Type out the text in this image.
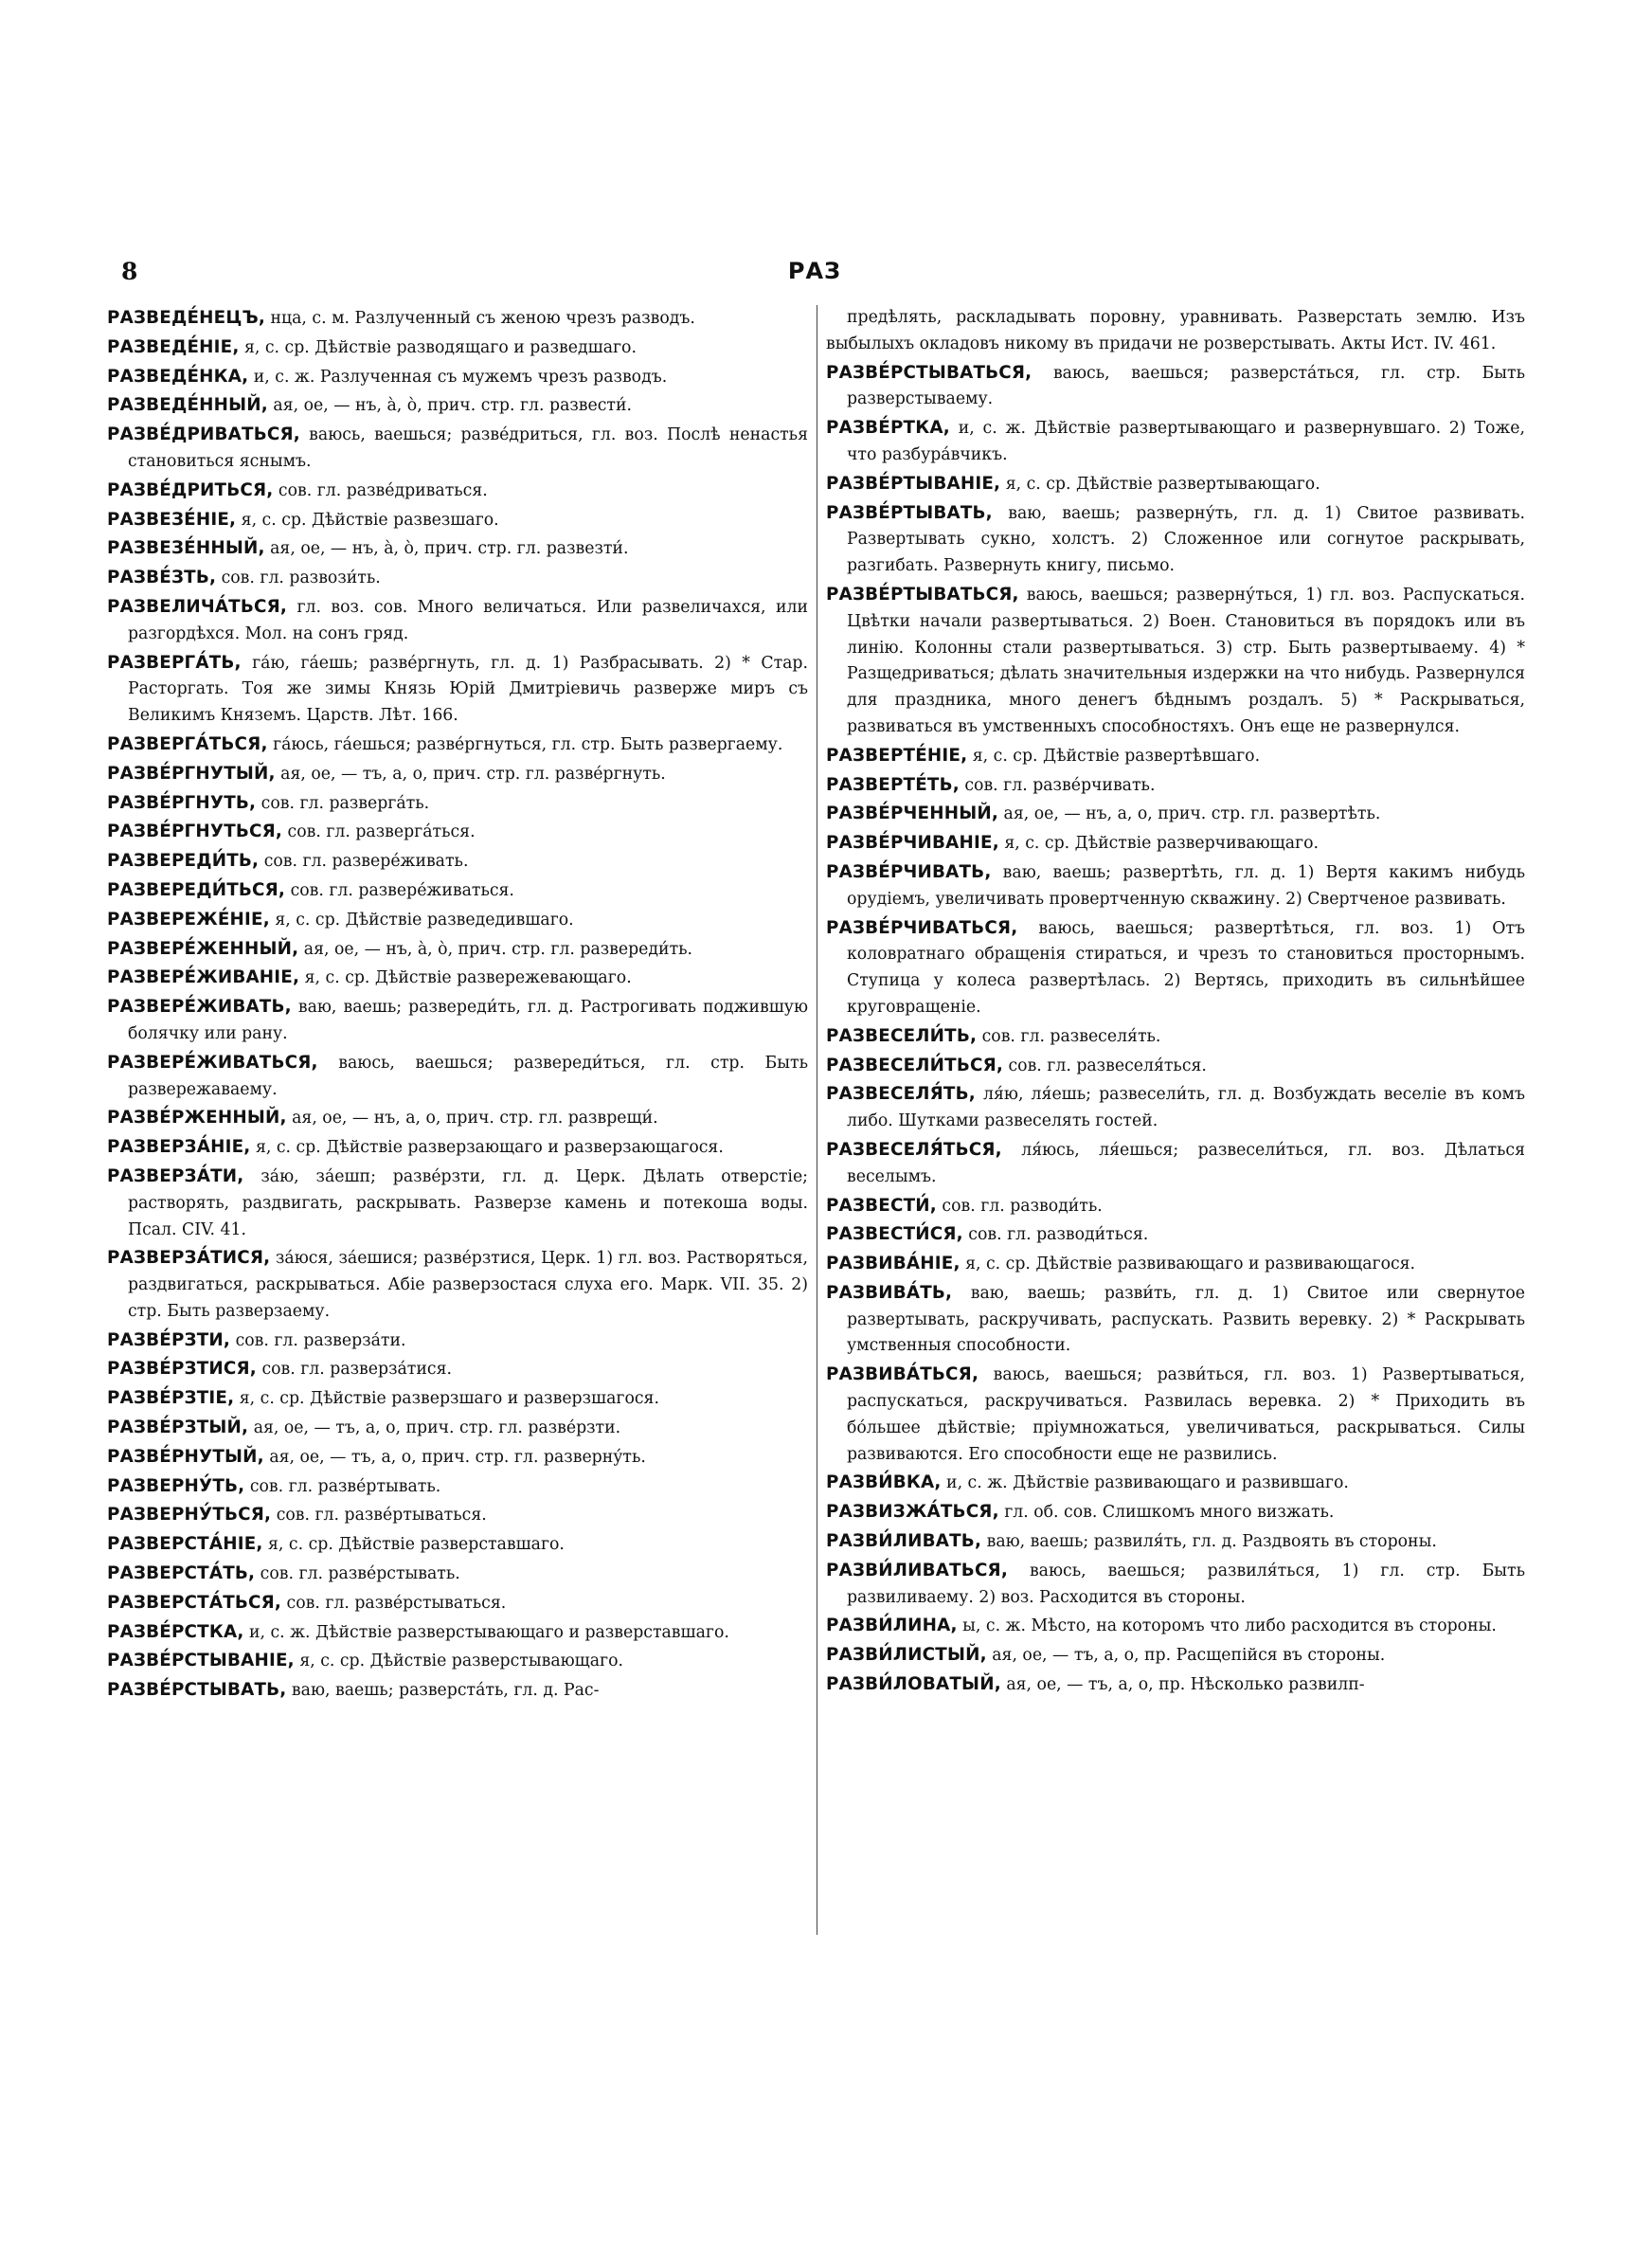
8	РАЗ

РАЗВЕДЕ́НЕЦЪ, нца, с. м. Разлученный съ женою чрезъ разводъ.

РАЗВЕДЕ́НІЕ, я, с. ср. Дѣйствіе разводящаго и разведшаго.

РАЗВЕДЕ́НКА, и, с. ж. Разлученная съ мужемъ чрезъ разводъ.

РАЗВЕДЕ́ННЫЙ, ая, ое, — нъ, а̀, о̀, прич. стр. гл. развести́.

РАЗВЕ́ДРИВАТЬСЯ, ваюсь, ваешься; разве́дриться, гл. воз. Послѣ ненастья становиться яснымъ.

РАЗВЕ́ДРИТЬСЯ, сов. гл. разве́дриваться.

РАЗВЕЗЕ́НІЕ, я, с. ср. Дѣйствіе развезшаго.

РАЗВЕЗЕ́ННЫЙ, ая, ое, — нъ, а̀, о̀, прич. стр. гл. развезти́.

РАЗВЕ́ЗТЬ, сов. гл. развози́ть.

РАЗВЕЛИЧА́ТЬСЯ, гл. воз. сов. Много величаться. Или развеличахся, или разгордѣхся. Мол. на сонъ гряд.

РАЗВЕРГА́ТЬ, га́ю, га́ешь; разве́ргнуть, гл. д. 1) Разбрасывать. 2) * Стар. Расторгать. Тоя же зимы Князь Юрій Дмитріевичь разверже миръ съ Великимъ Княземъ. Царств. Лѣт. 166.

РАЗВЕРГА́ТЬСЯ, га́юсь, га́ешься; разве́ргнуться, гл. стр. Быть развергаему.

РАЗВЕ́РГНУТЫЙ, ая, ое, — тъ, а, о, прич. стр. гл. разве́ргнуть.

РАЗВЕ́РГНУТЬ, сов. гл. разверга́ть.

РАЗВЕ́РГНУТЬСЯ, сов. гл. разверга́ться.

РАЗВЕРЕДИ́ТЬ, сов. гл. развере́живать.

РАЗВЕРЕДИ́ТЬСЯ, сов. гл. развере́живаться.

РАЗВЕРЕЖЕ́НІЕ, я, с. ср. Дѣйствіе разведедившаго.

РАЗВЕРЕ́ЖЕННЫЙ, ая, ое, — нъ, а̀, о̀, прич. стр. гл. разверeди́ть.

РАЗВЕРЕ́ЖИВАНІЕ, я, с. ср. Дѣйствіе развережевающаго.

РАЗВЕРЕ́ЖИВАТЬ, ваю, ваешь; развереди́ть, гл. д. Растрогивать поджившую болячку или рану.

РАЗВЕРЕ́ЖИВАТЬСЯ, ваюсь, ваешься; развереди́ться, гл. стр. Быть развережаваему.

РАЗВЕ́РЖЕННЫЙ, ая, ое, — нъ, а, о, прич. стр. гл. разврещи́.

РАЗВЕРЗА́НІЕ, я, с. ср. Дѣйствіе разверзающаго и разверзающагося.

РАЗВЕРЗА́ТИ, за́ю, за́ешп; развéрзти, гл. д. Церк. Дѣлать отверстіе; растворять, раздвигать, раскрывать. Разверзе камень и потекоша воды. Псал. CIV. 41.

РАЗВЕРЗА́ТИСЯ, за́юся, за́ешися; развéрзтися, Церк. 1) гл. воз. Растворяться, раздвигаться, раскрываться. Абіе разверзостася слуха его. Марк. VII. 35. 2) стр. Быть разверзаему.

РАЗВЕ́РЗТИ, сов. гл. разверза́ти.

РАЗВЕ́РЗТИСЯ, сов. гл. разверза́тися.

РАЗВЕ́РЗТІЕ, я, с. ср. Дѣйствіе разверзшаго и разверзшагося.

РАЗВЕ́РЗТЫЙ, ая, ое, — тъ, а, о, прич. стр. гл. разве́рзти.

РАЗВЕ́РНУТЫЙ, ая, ое, — тъ, а, о, прич. стр. гл. разверну́ть.

РАЗВЕРНУ́ТЬ, сов. гл. разве́ртывать.

РАЗВЕРНУ́ТЬСЯ, сов. гл. разве́ртываться.

РАЗВЕРСТА́НІЕ, я, с. ср. Дѣйствіе разверставшаго.

РАЗВЕРСТА́ТЬ, сов. гл. разве́рстывать.

РАЗВЕРСТА́ТЬСЯ, сов. гл. разве́рстываться.

РАЗВЕ́РСТКА, и, с. ж. Дѣйствіе разверстывающаго и разверставшаго.

РАЗВЕ́РСТЫВАНІЕ, я, с. ср. Дѣйствіе разверстывающаго.

РАЗВЕ́РСТЫВАТЬ, ваю, ваешь; разверста́ть, гл. д. Рас-

предѣлять, раскладывать поровну, уравнивать. Разверстать землю. Изъ выбылыхъ окладовъ никому въ придачи не розверстывать. Акты Ист. IV. 461.

РАЗВЕ́РСТЫВАТЬСЯ, ваюсь, ваешься; разверста́ться, гл. стр. Быть разверстываему.

РАЗВЕ́РТКА, и, с. ж. Дѣйствіе развертывающаго и развернувшаго. 2) Тоже, что разбура́вчикъ.

РАЗВЕ́РТЫВАНІЕ, я, с. ср. Дѣйствіе развертывающаго.

РАЗВЕ́РТЫВАТЬ, ваю, ваешь; разверну́ть, гл. д. 1) Свитое развивать. Развертывать сукно, холстъ. 2) Сложенное или согнутое раскрывать, разгибать. Развернуть книгу, письмо.

РАЗВЕ́РТЫВАТЬСЯ, ваюсь, ваешься; разверну́ться, 1) гл. воз. Распускаться. Цвѣтки начали развертываться. 2) Воен. Становиться въ порядокъ или въ линію. Колонны стали развертываться. 3) стр. Быть развертываему. 4) * Разщедриваться; дѣлать значительныя издержки на что нибудь. Развернулся для праздника, много денегъ бѣднымъ роздалъ. 5) * Раскрываться, развиваться въ умственныхъ способностяхъ. Онъ еще не развернулся.

РАЗВЕРТЕ́НІЕ, я, с. ср. Дѣйствіе развертѣвшаго.

РАЗВЕРТЕ́ТЬ, сов. гл. разве́рчивать.

РАЗВЕ́РЧЕННЫЙ, ая, ое, — нъ, а, о, прич. стр. гл. развертѣть.

РАЗВЕ́РЧИВАНІЕ, я, с. ср. Дѣйствіе разверчивающаго.

РАЗВЕ́РЧИВАТЬ, ваю, ваешь; развертѣть, гл. д. 1) Вертя какимъ нибудь орудіемъ, увеличивать провертченную скважину. 2) Свертченое развивать.

РАЗВЕ́РЧИВАТЬСЯ, ваюсь, ваешься; развертѣться, гл. воз. 1) Отъ коловратнаго обращенія стираться, и чрезъ то становиться просторнымъ. Ступица у колеса развертѣлась. 2) Вертясь, приходить въ сильнѣйшее круговращеніе.

РАЗВЕСЕЛИ́ТЬ, сов. гл. развеселя́ть.

РАЗВЕСЕЛИ́ТЬСЯ, сов. гл. развеселя́ться.

РАЗВЕСЕЛЯ́ТЬ, ля́ю, ля́ешь; развесели́ть, гл. д. Возбуждать веселіе въ комъ либо. Шутками развеселять гостей.

РАЗВЕСЕЛЯ́ТЬСЯ, ля́юсь, ля́ешься; развесели́ться, гл. воз. Дѣлаться веселымъ.

РАЗВЕСТИ́, сов. гл. разводи́ть.

РАЗВЕСТИ́СЯ, сов. гл. разводи́ться.

РАЗВИВА́НІЕ, я, с. ср. Дѣйствіе развивающаго и развивающагося.

РАЗВИВА́ТЬ, ваю, ваешь; разви́ть, гл. д. 1) Свитое или свернутое развертывать, раскручивать, распускать. Развить веревку. 2) * Раскрывать умственныя способности.

РАЗВИВА́ТЬСЯ, ваюсь, ваешься; разви́ться, гл. воз. 1) Развертываться, распускаться, раскручиваться. Развилась веревка. 2) * Приходить въ бо́льшее дѣйствіе; пріумножаться, увеличиваться, раскрываться. Силы развиваются. Его способности еще не развились.

РАЗВИ́ВКА, и, с. ж. Дѣйствіе развивающаго и развившаго.

РАЗВИЗЖА́ТЬСЯ, гл. об. сов. Слишкомъ много визжать.

РАЗВИ́ЛИВАТЬ, ваю, ваешь; развиля́ть, гл. д. Раздвоять въ стороны.

РАЗВИ́ЛИВАТЬСЯ, ваюсь, ваешься; развиля́ться, 1) гл. стр. Быть развиливаему. 2) воз. Расходится въ стороны.

РАЗВИ́ЛИНА, ы, с. ж. Мѣсто, на которомъ что либо расходится въ стороны.

РАЗВИ́ЛИСТЫЙ, ая, ое, — тъ, а, о, пр. Расщепійся въ стороны.

РАЗВИ́ЛОВАТЫЙ, ая, ое, — тъ, а, о, пр. Нѣсколько развилп-
